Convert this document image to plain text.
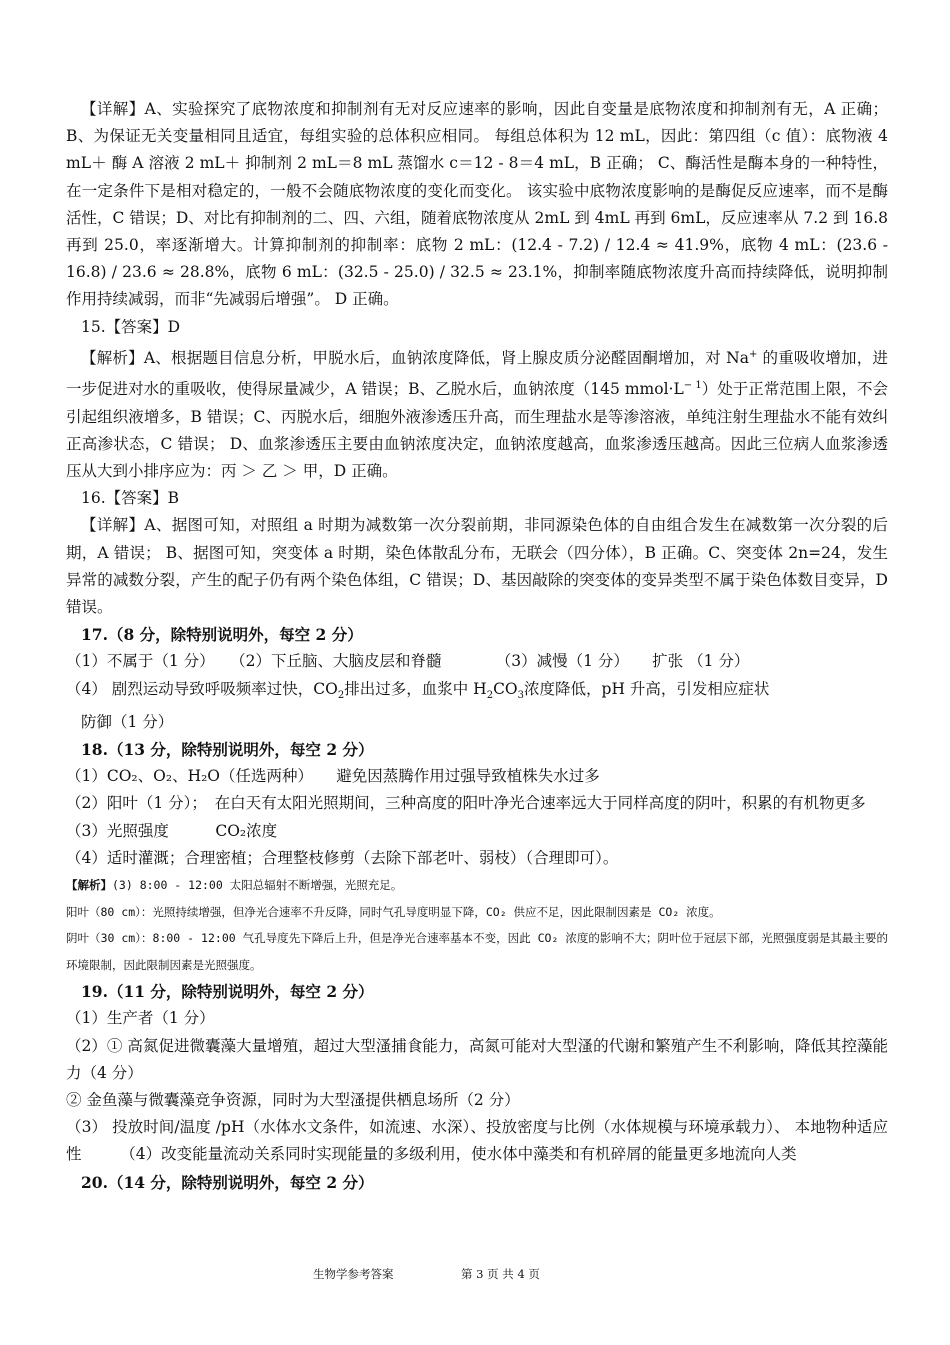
【详解】A、实验探究了底物浓度和抑制剂有无对反应速率的影响，因此自变量是底物浓度和抑制剂有无，A 正确；B、为保证无关变量相同且适宜，每组实验的总体积应相同。 每组总体积为 12 mL，因此：第四组（c 值）：底物液 4 mL＋ 酶 A 溶液 2 mL＋ 抑制剂 2 mL＝8 mL 蒸馏水 c＝12 - 8＝4 mL，B 正确； C、酶活性是酶本身的一种特性，在一定条件下是相对稳定的，一般不会随底物浓度的变化而变化。 该实验中底物浓度影响的是酶促反应速率，而不是酶活性，C 错误；D、对比有抑制剂的二、四、六组，随着底物浓度从 2mL 到 4mL 再到 6mL，反应速率从 7.2 到 16.8 再到 25.0，率逐渐增大。计算抑制剂的抑制率：底物 2 mL：(12.4 - 7.2) / 12.4 ≈ 41.9%，底物 4 mL：(23.6 - 16.8) / 23.6 ≈ 28.8%，底物 6 mL：(32.5 - 25.0) / 32.5 ≈ 23.1%，抑制率随底物浓度升高而持续降低，说明抑制作用持续减弱，而非“先减弱后增强”。 D 正确。

15.【答案】D

【解析】A、根据题目信息分析，甲脱水后，血钠浓度降低，肾上腺皮质分泌醛固酮增加，对 Na+ 的重吸收增加，进一步促进对水的重吸收，使得尿量减少，A 错误；B、乙脱水后，血钠浓度（145 $mmol\cdot L^{- 1}$）处于正常范围上限，不会引起组织液增多，B 错误；C、丙脱水后，细胞外液渗透压升高，而生理盐水是等渗溶液，单纯注射生理盐水不能有效纠正高渗状态，C 错误； D、血浆渗透压主要由血钠浓度决定，血钠浓度越高，血浆渗透压越高。因此三位病人血浆渗透压从大到小排序应为：丙 ＞ 乙 ＞ 甲，D 正确。

16.【答案】B

【详解】A、据图可知，对照组 a 时期为减数第一次分裂前期，非同源染色体的自由组合发生在减数第一次分裂的后期，A 错误； B、据图可知，突变体 a 时期，染色体散乱分布，无联会（四分体），B 正确。C、突变体 2n=24，发生异常的减数分裂，产生的配子仍有两个染色体组，C 错误；D、基因敲除的突变体的变异类型不属于染色体数目变异，D 错误。

17.（8 分，除特别说明外，每空 2 分）

（1）不属于（1 分）　　（2）下丘脑、大脑皮层和脊髓　　　　（3）减慢（1 分）　　扩张 （1 分）

（4） 剧烈运动导致呼吸频率过快，$CO_2$排出过多，血浆中 $H_2CO_3$浓度降低，pH 升高，引发相应症状

防御（1 分）

18.（13 分，除特别说明外，每空 2 分）

（1）CO₂、O₂、H₂O（任选两种）　　避免因蒸腾作用过强导致植株失水过多

（2）阳叶（1 分）；　在白天有太阳光照期间，三种高度的阳叶净光合速率远大于同样高度的阴叶，积累的有机物更多

（3）光照强度　　　CO₂浓度

（4）适时灌溉；合理密植；合理整枝修剪（去除下部老叶、弱枝）（合理即可）。

【解析】(3) 8:00 - 12:00 太阳总辐射不断增强，光照充足。

阳叶（80 cm）：光照持续增强，但净光合速率不升反降，同时气孔导度明显下降，CO₂ 供应不足，因此限制因素是 CO₂ 浓度。

阴叶（30 cm）：8:00 - 12:00 气孔导度先下降后上升，但是净光合速率基本不变，因此 CO₂ 浓度的影响不大；阴叶位于冠层下部，光照强度弱是其最主要的环境限制，因此限制因素是光照强度。

19.（11 分，除特别说明外，每空 2 分）

（1）生产者（1 分）

（2）① 高氮促进微囊藻大量增殖，超过大型溞捕食能力，高氮可能对大型溞的代谢和繁殖产生不利影响，降低其控藻能力（4 分）

② 金鱼藻与微囊藻竞争资源，同时为大型溞提供栖息场所（2 分）

（3） 投放时间/温度 /pH（水体水文条件，如流速、水深）、投放密度与比例（水体规模与环境承载力）、 本地物种适应性　　　（4）改变能量流动关系同时实现能量的多级利用，使水体中藻类和有机碎屑的能量更多地流向人类

20.（14 分，除特别说明外，每空 2 分）

生物学参考答案	第 3 页 共 4 页
